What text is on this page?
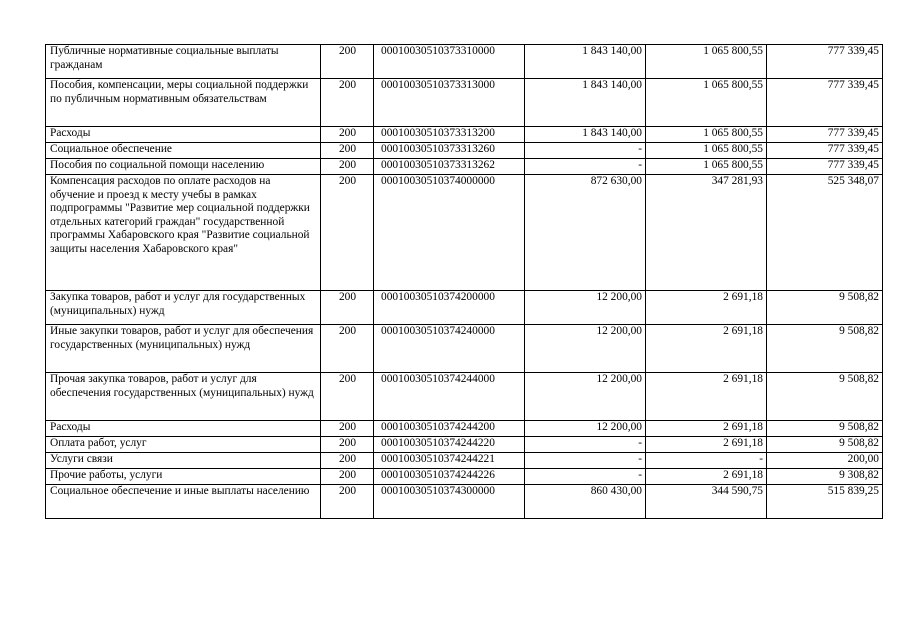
Публичные нормативные социальные выплаты гражданам	200	00010030510373310000	1 843 140,00	1 065 800,55	777 339,45
Пособия, компенсации, меры социальной поддержки по публичным нормативным обязательствам	200	00010030510373313000	1 843 140,00	1 065 800,55	777 339,45
Расходы	200	00010030510373313200	1 843 140,00	1 065 800,55	777 339,45
Социальное обеспечение	200	00010030510373313260	-	1 065 800,55	777 339,45
Пособия по социальной помощи населению	200	00010030510373313262	-	1 065 800,55	777 339,45
Компенсация расходов по оплате расходов на обучение и проезд к месту учебы в рамках подпрограммы "Развитие мер социальной поддержки отдельных категорий граждан" государственной программы Хабаровского края "Развитие социальной защиты населения Хабаровского края"	200	00010030510374000000	872 630,00	347 281,93	525 348,07
Закупка товаров, работ и услуг для государственных (муниципальных) нужд	200	00010030510374200000	12 200,00	2 691,18	9 508,82
Иные закупки товаров, работ и услуг для обеспечения государственных (муниципальных) нужд	200	00010030510374240000	12 200,00	2 691,18	9 508,82
Прочая закупка товаров, работ и услуг для обеспечения государственных (муниципальных) нужд	200	00010030510374244000	12 200,00	2 691,18	9 508,82
Расходы	200	00010030510374244200	12 200,00	2 691,18	9 508,82
Оплата работ, услуг	200	00010030510374244220	-	2 691,18	9 508,82
Услуги связи	200	00010030510374244221	-	-	200,00
Прочие работы, услуги	200	00010030510374244226	-	2 691,18	9 308,82
Социальное обеспечение и иные выплаты населению	200	00010030510374300000	860 430,00	344 590,75	515 839,25
